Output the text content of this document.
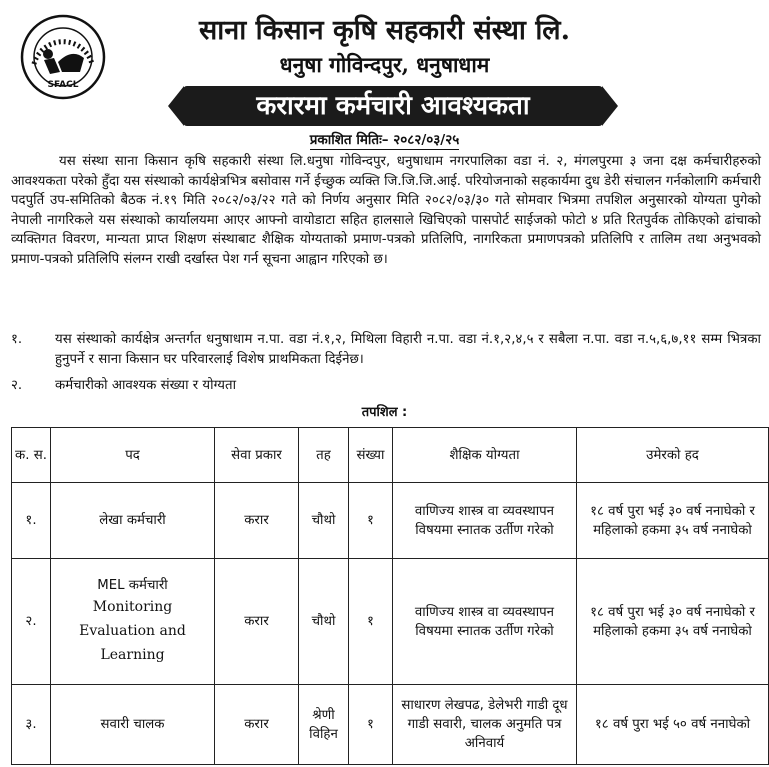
SFACL
साना किसान कृषि सहकारी संस्था लि.
धनुषा गोविन्दपुर, धनुषाधाम
करारमा कर्मचारी आवश्यकता
प्रकाशित मितिः– २०८२/०३/२५

यस संस्था साना किसान कृषि सहकारी संस्था लि.धनुषा गोविन्दपुर, धनुषाधाम नगरपालिका वडा नं. २, मंगलपुरमा ३ जना दक्ष कर्मचारीहरुको आवश्यकता परेको हुँदा यस संस्थाको कार्यक्षेत्रभित्र बसोवास गर्ने ईच्छुक व्यक्ति जि.जि.जि.आई. परियोजनाको सहकार्यमा दुध डेरी संचालन गर्नकोलागि कर्मचारी पदपुर्ति उप-समितिको बैठक नं.१९ मिति २०८२/०३/२२ गते को निर्णय अनुसार मिति २०८२/०३/३० गते सोमवार भित्रमा तपशिल अनुसारको योग्यता पुगेको नेपाली नागरिकले यस संस्थाको कार्यालयमा आएर आफ्नो वायोडाटा सहित हालसाले खिचिएको पासपोर्ट साईजको फोटो ४ प्रति रितपुर्वक तोकिएको ढांचाको व्यक्तिगत विवरण, मान्यता प्राप्त शिक्षण संस्थाबाट शैक्षिक योग्यताको प्रमाण-पत्रको प्रतिलिपि, नागरिकता प्रमाणपत्रको प्रतिलिपि र तालिम तथा अनुभवको प्रमाण-पत्रको प्रतिलिपि संलग्न राखी दर्खास्त पेश गर्न सूचना आह्वान गरिएको छ।

१. यस संस्थाको कार्यक्षेत्र अन्तर्गत धनुषाधाम न.पा. वडा नं.१,२, मिथिला विहारी न.पा. वडा नं.१,२,४,५ र सबैला न.पा. वडा न.५,६,७,११ सम्म भित्रका हुनुपर्ने र साना किसान घर परिवारलाई विशेष प्राथमिकता दिईनेछ।
२. कर्मचारीको आवश्यक संख्या र योग्यता
तपशिल :
क. स.	पद	सेवा प्रकार	तह	संख्या	शैक्षिक योग्यता	उमेरको हद
१.	लेखा कर्मचारी	करार	चौथो	१	वाणिज्य शास्त्र वा व्यवस्थापन विषयमा स्नातक उर्तीण गरेको	१८ वर्ष पुरा भई ३० वर्ष ननाघेको र महिलाको हकमा ३५ वर्ष ननाघेको
२.	MEL कर्मचारी
Monitoring Evaluation and Learning	करार	चौथो	१	वाणिज्य शास्त्र वा व्यवस्थापन विषयमा स्नातक उर्तीण गरेको	१८ वर्ष पुरा भई ३० वर्ष ननाघेको र महिलाको हकमा ३५ वर्ष ननाघेको
३.	सवारी चालक	करार	श्रेणी विहिन	१	साधारण लेखपढ, डेलेभरी गाडी दूध गाडी सवारी, चालक अनुमति पत्र अनिवार्य	१८ वर्ष पुरा भई ५० वर्ष ननाघेको
